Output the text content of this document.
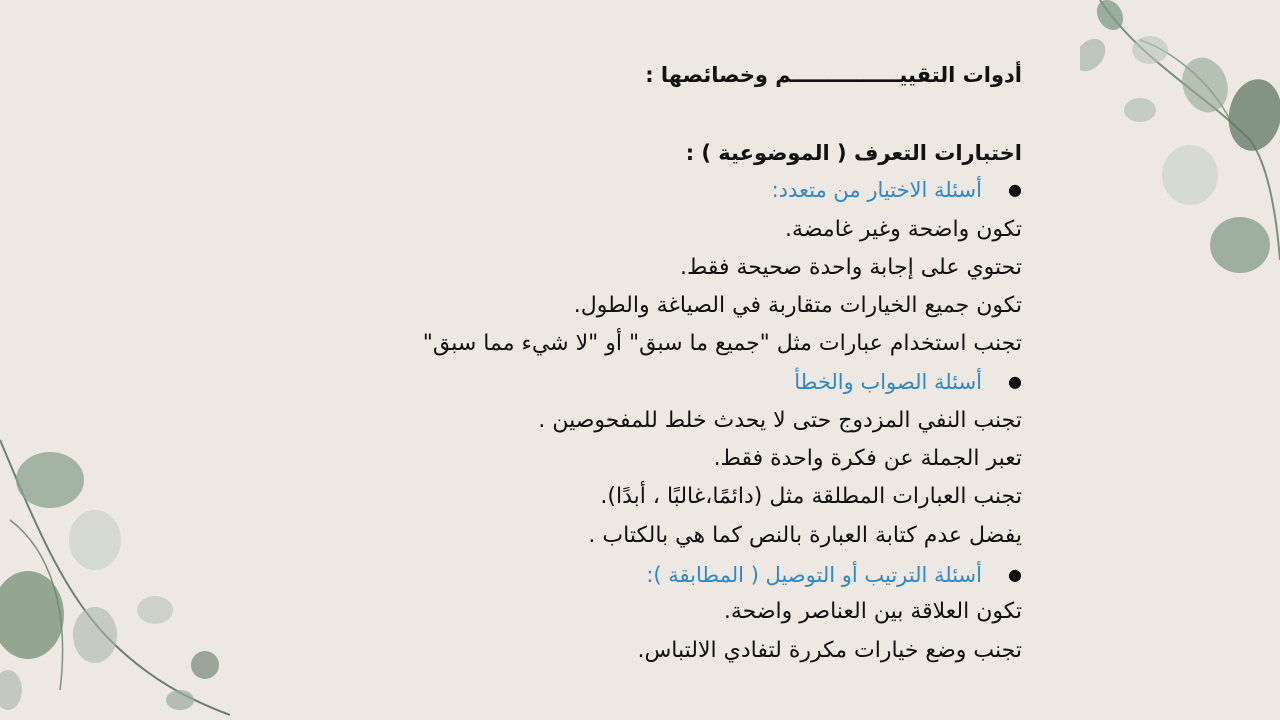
أدوات التقييـــــــــــــــم وخصائصها :
اختبارات التعرف ( الموضوعية ) :
●
أسئلة الاختيار من متعدد:
تكون واضحة وغير غامضة.
تحتوي على إجابة واحدة صحيحة فقط.
تكون جميع الخيارات متقاربة في الصياغة والطول.
تجنب استخدام عبارات مثل "جميع ما سبق" أو "لا شيء مما سبق"
●
أسئلة الصواب والخطأ
تجنب النفي المزدوج حتى لا يحدث خلط للمفحوصين .
تعبر الجملة عن فكرة واحدة فقط.
تجنب العبارات المطلقة مثل (دائمًا،غالبًا ، أبدًا).
يفضل عدم كتابة العبارة بالنص كما هي بالكتاب .
●
أسئلة الترتيب أو التوصيل ( المطابقة ):
تكون العلاقة بين العناصر واضحة.
تجنب وضع خيارات مكررة لتفادي الالتباس.
